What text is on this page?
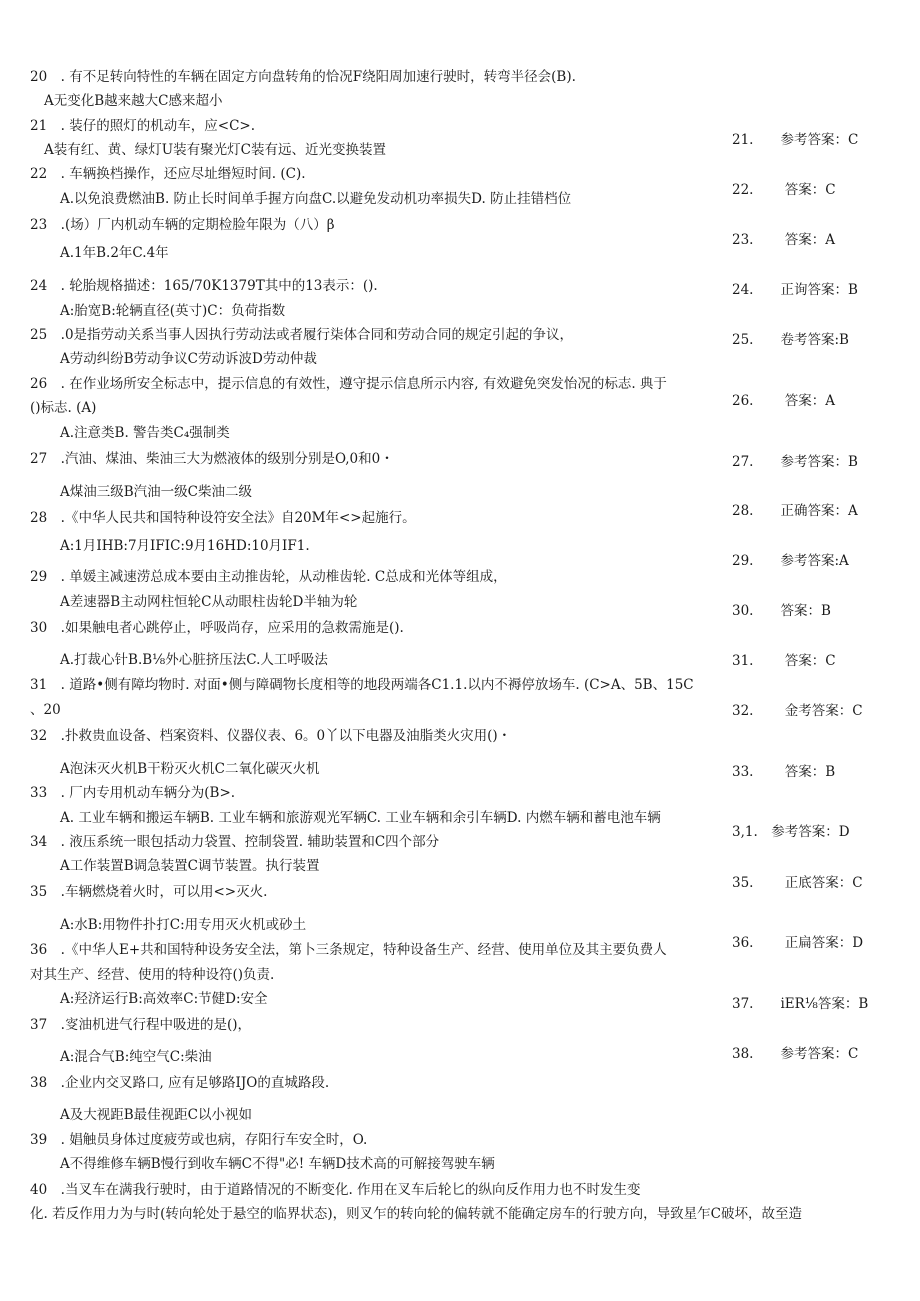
20　. 有不足转向特性的车辆在固定方向盘转角的恰况F绕阳周加速行驶时，转弯半径会(B).
A无变化B越来越大C感来超小
21　. 装仔的照灯的机动车，应<C>.
A装有红、黄、绿灯U装有聚光灯C装有远、近光变换装置
22　. 车辆换档操作，还应尽址缗短时间. (C).
A.以免浪费燃油B. 防止长时间单手握方向盘C.以避免发动机功率损失D. 防止挂错档位
23　.(场）厂内机动车辆的定期检脸年限为（八）β
A.1年B.2年C.4年
24　. 轮胎规格描述：165/70K1379T其中的13表示：().
A:胎宽B:轮辆直径(英寸)C：负荷指数
25　.0是指劳动关系当事人因执行劳动法或者履行柒体合同和劳动合同的规定引起的争议，
A劳动纠纷B劳动争议C劳动诉波D劳动仲裁
26　. 在作业场所安全标志中，提示信息的有效性，遵守提示信息所示内容, 有效避免突发怡况的标志. 典于
()标志. (A)
A.注意类B. 警告类C₄强制类
27　.汽油、煤油、柴油三大为燃液体的级别分别是O,0和0・
A煤油三级B汽油一级C柴油二级
28　.《中华人民共和国特种设符安全法》自20M年<>起施行。
A:1月IHB:7月IFIC:9月16HD:10月IF1.
29　. 单媛主减速涝总成本要由主动推齿轮，从动椎齿轮. C总成和光体等组成，
A差速器B主动网柱恒轮C从动眼柱齿轮D半轴为轮
30　.如果触电者心跳停止，呼吸尚存，应采用的急救需施是().
A.打裁心针B.B⅛外心脏挤压法C.人工呼吸法
31　. 道路•侧有障均物时. 对面•侧与障碉物长度相等的地段两端各C1.1.以内不褥停放场车. (C>A、5B、15C
、20
32　.扑救贵血设备、档案资料、仪器仪表、6。0丫以下电器及油脂类火灾用()・
A泡沫灭火机B干粉灭火机C二氧化碳灭火机
33　. 厂内专用机动车辆分为(B>.
A. 工业车辆和搬运车辆B. 工业车辆和旅游观光军辆C. 工业车辆和余引车辆D. 内燃车辆和蓄电池车辆
34　. 液压系统一眼包括动力袋置、控制袋置. 辅助装置和C四个部分
A工作装置B调急装置C调节装置。执行装置
35　.车辆燃烧着火时，可以用<>灭火.
A:水B:用物件扑打C:用专用灭火机或砂土
36　.《中华人E+共和国特种设务安全法，第卜三条规定，特种设备生产、经营、使用单位及其主要负费人
对其生产、经营、使用的特种设符()负责.
A:羟济运行B:高效率C:节健D:安全
37　.叜油机进气行程中吸进的是()，
A:混合气B:纯空气C:柴油
38　.企业内交叉路口, 应有足够路IJO的直城路段.
A及大视距B最佳视距C以小视如
39　. 娼触员身体过度疲劳或也病，存阳行车安全时，O.
A不得维修车辆B慢行到收车辆C不得"必! 车辆D技术高的可解接驾驶车辆
40　.当叉车在满我行驶时，由于道路情况的不断变化. 作用在叉车后轮匕的纵向反作用力也不时发生变
化. 若反作用力为与时(转向轮处于悬空的临界状态)，则叉乍的转向轮的偏转就不能确定房车的行驶方向，导致星乍C破坏，故至造
21.　　参考答案：C
22.　　 答案：C
23.　　 答案：A
24.　　正询答案：B
25.　　卷考答案:B
26.　　 答案：A
27.　　参考答案：B
28.　　正确答案：A
29.　　参考答案:A
30.　　答案：B
31.　　 答案：C
32.　　 金考答案：C
33.　　 答案：B
3,1.　参考答案：D
35.　　 正底答案：C
36.　　 正扁答案：D
37.　　iER⅛答案：B
38.　　参考答案：C
